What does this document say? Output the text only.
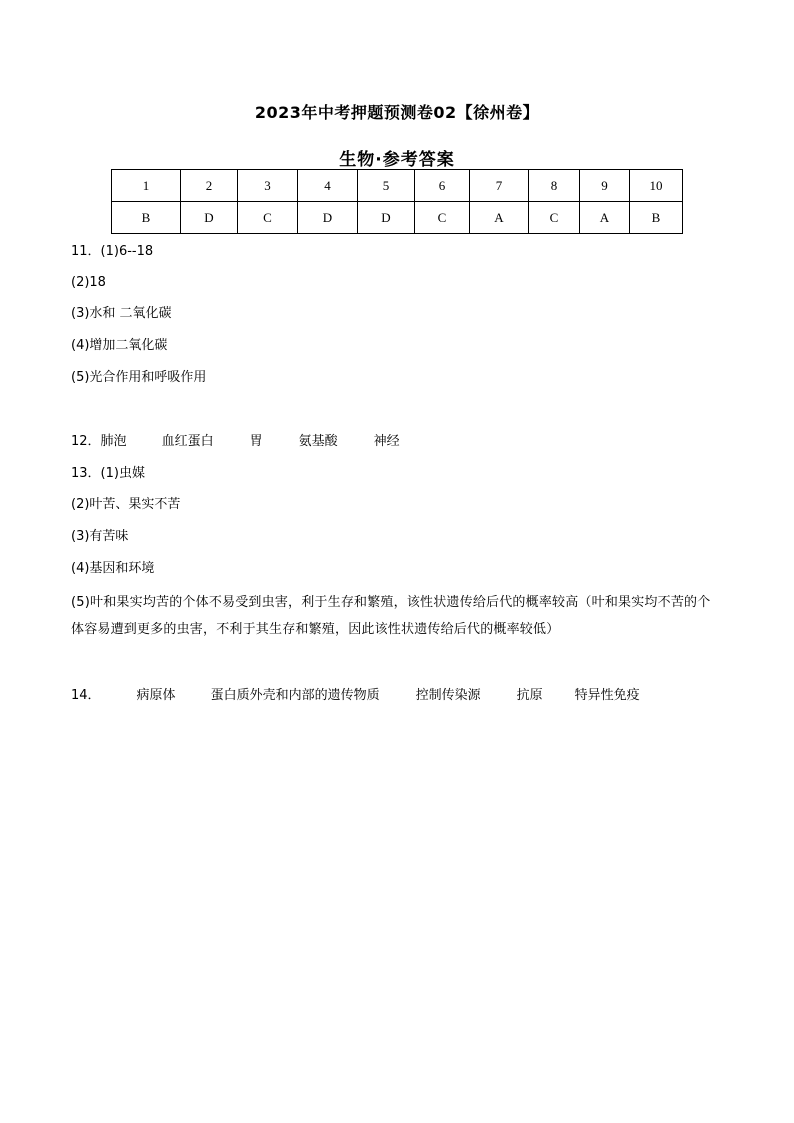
2023年中考押题预测卷02【徐州卷】
生物·参考答案
1	2	3	4	5	6	7	8	9	10
B	D	C	D	D	C	A	C	A	B
11．(1)6--18
(2)18
(3)水和 二氧化碳
(4)增加二氧化碳
(5)光合作用和呼吸作用
12．肺泡	血红蛋白	胃	氨基酸	神经
13．(1)虫媒
(2)叶苦、果实不苦
(3)有苦味
(4)基因和环境
(5)叶和果实均苦的个体不易受到虫害，利于生存和繁殖，该性状遗传给后代的概率较高（叶和果实均不苦的个体容易遭到更多的虫害，不利于其生存和繁殖，因此该性状遗传给后代的概率较低）
14．	病原体	蛋白质外壳和内部的遗传物质	控制传染源	抗原 特异性免疫
